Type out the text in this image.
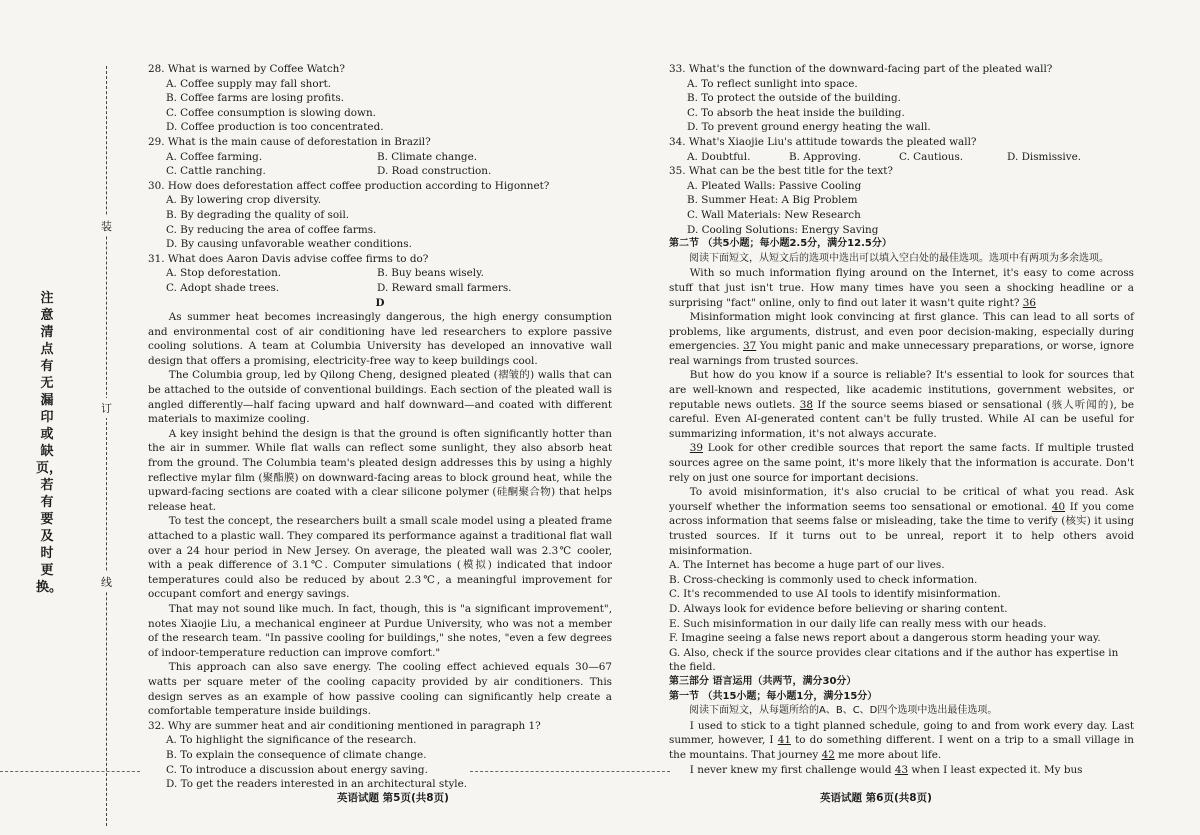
注意清点有无漏印或缺页，若有要及时更换。
装
订
线

28. What is warned by Coffee Watch?

A. Coffee supply may fall short.

B. Coffee farms are losing profits.

C. Coffee consumption is slowing down.

D. Coffee production is too concentrated.

29. What is the main cause of deforestation in Brazil?

A. Coffee farming.	B. Climate change.
C. Cattle ranching.	D. Road construction.

30. How does deforestation affect coffee production according to Higonnet?

A. By lowering crop diversity.

B. By degrading the quality of soil.

C. By reducing the area of coffee farms.

D. By causing unfavorable weather conditions.

31. What does Aaron Davis advise coffee firms to do?

A. Stop deforestation.	B. Buy beans wisely.
C. Adopt shade trees.	D. Reward small farmers.

D

As summer heat becomes increasingly dangerous, the high energy consumption and environmental cost of air conditioning have led researchers to explore passive cooling solutions. A team at Columbia University has developed an innovative wall design that offers a promising, electricity-free way to keep buildings cool.

The Columbia group, led by Qilong Cheng, designed pleated (褶皱的) walls that can be attached to the outside of conventional buildings. Each section of the pleated wall is angled differently—half facing upward and half downward—and coated with different materials to maximize cooling.

A key insight behind the design is that the ground is often significantly hotter than the air in summer. While flat walls can reflect some sunlight, they also absorb heat from the ground. The Columbia team's pleated design addresses this by using a highly reflective mylar film (聚酯膜) on downward-facing areas to block ground heat, while the upward-facing sections are coated with a clear silicone polymer (硅酮聚合物) that helps release heat.

To test the concept, the researchers built a small scale model using a pleated frame attached to a plastic wall. They compared its performance against a traditional flat wall over a 24 hour period in New Jersey. On average, the pleated wall was 2.3℃ cooler, with a peak difference of 3.1℃. Computer simulations (模拟) indicated that indoor temperatures could also be reduced by about 2.3℃, a meaningful improvement for occupant comfort and energy savings.

That may not sound like much. In fact, though, this is "a significant improvement", notes Xiaojie Liu, a mechanical engineer at Purdue University, who was not a member of the research team. "In passive cooling for buildings," she notes, "even a few degrees of indoor-temperature reduction can improve comfort."

This approach can also save energy. The cooling effect achieved equals 30—67 watts per square meter of the cooling capacity provided by air conditioners. This design serves as an example of how passive cooling can significantly help create a comfortable temperature inside buildings.

32. Why are summer heat and air conditioning mentioned in paragraph 1?

A. To highlight the significance of the research.

B. To explain the consequence of climate change.

C. To introduce a discussion about energy saving.

D. To get the readers interested in an architectural style.

33. What's the function of the downward-facing part of the pleated wall?

A. To reflect sunlight into space.

B. To protect the outside of the building.

C. To absorb the heat inside the building.

D. To prevent ground energy heating the wall.

34. What's Xiaojie Liu's attitude towards the pleated wall?

A. Doubtful.	B. Approving.	C. Cautious.	D. Dismissive.

35. What can be the best title for the text?

A. Pleated Walls: Passive Cooling

B. Summer Heat: A Big Problem

C. Wall Materials: New Research

D. Cooling Solutions: Energy Saving

第二节 （共5小题；每小题2.5分，满分12.5分）

阅读下面短文，从短文后的选项中选出可以填入空白处的最佳选项。选项中有两项为多余选项。

With so much information flying around on the Internet, it's easy to come across stuff that just isn't true. How many times have you seen a shocking headline or a surprising "fact" online, only to find out later it wasn't quite right? 36

Misinformation might look convincing at first glance. This can lead to all sorts of problems, like arguments, distrust, and even poor decision-making, especially during emergencies. 37 You might panic and make unnecessary preparations, or worse, ignore real warnings from trusted sources.

But how do you know if a source is reliable? It's essential to look for sources that are well-known and respected, like academic institutions, government websites, or reputable news outlets. 38 If the source seems biased or sensational (骇人听闻的), be careful. Even AI-generated content can't be fully trusted. While AI can be useful for summarizing information, it's not always accurate.

39 Look for other credible sources that report the same facts. If multiple trusted sources agree on the same point, it's more likely that the information is accurate. Don't rely on just one source for important decisions.

To avoid misinformation, it's also crucial to be critical of what you read. Ask yourself whether the information seems too sensational or emotional. 40 If you come across information that seems false or misleading, take the time to verify (核实) it using trusted sources. If it turns out to be unreal, report it to help others avoid misinformation.

A. The Internet has become a huge part of our lives.

B. Cross-checking is commonly used to check information.

C. It's recommended to use AI tools to identify misinformation.

D. Always look for evidence before believing or sharing content.

E. Such misinformation in our daily life can really mess with our heads.

F. Imagine seeing a false news report about a dangerous storm heading your way.

G. Also, check if the source provides clear citations and if the author has expertise in the field.

第三部分 语言运用（共两节，满分30分）

第一节 （共15小题；每小题1分，满分15分）

阅读下面短文，从每题所给的A、B、C、D四个选项中选出最佳选项。

I used to stick to a tight planned schedule, going to and from work every day. Last summer, however, I 41 to do something different. I went on a trip to a small village in the mountains. That journey 42 me more about life.

I never knew my first challenge would 43 when I least expected it. My bus

英语试题 第5页(共8页)	英语试题 第6页(共8页)
